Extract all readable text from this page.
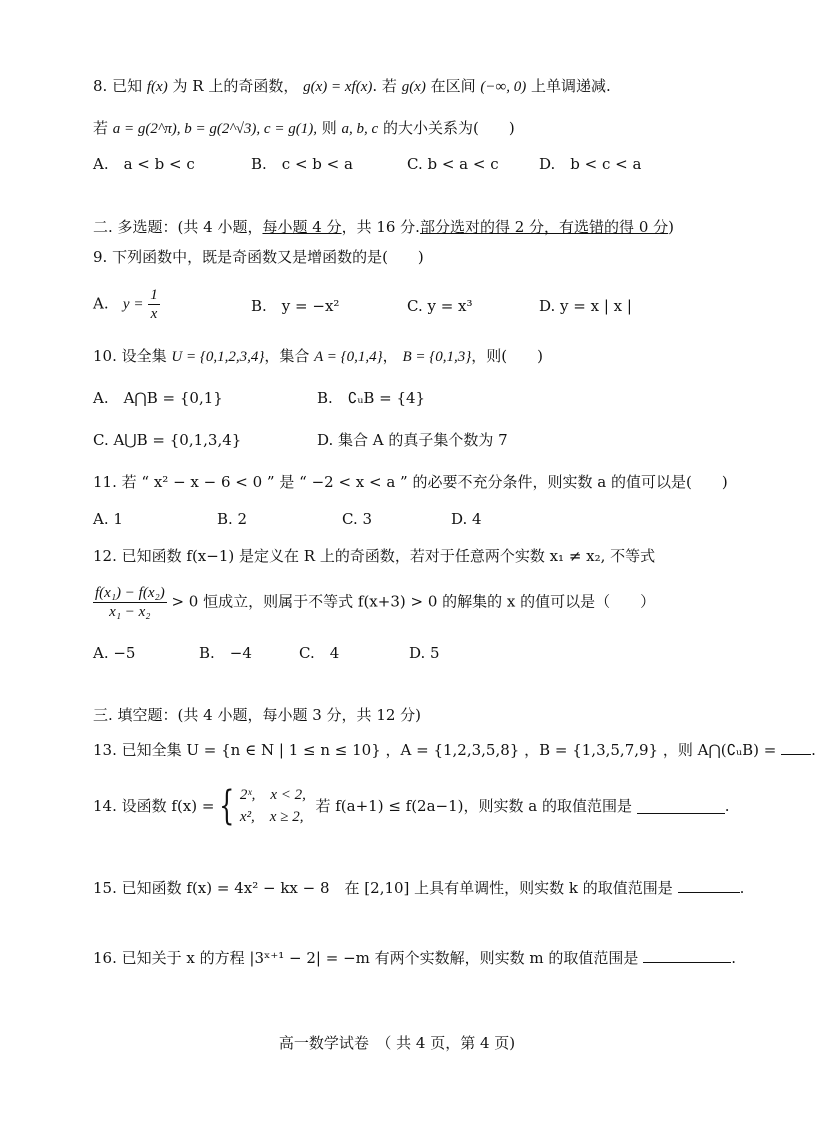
8. 已知 f(x) 为 R 上的奇函数， g(x) = xf(x). 若 g(x) 在区间 (−∞, 0) 上单调递减.
若 a = g(2^π), b = g(2^√3), c = g(1), 则 a, b, c 的大小关系为(　　)
A.　a < b < c	B.　c < b < a	C. b < a < c	D.　b < c < a
二. 多选题：(共 4 小题，每小题 4 分，共 16 分.部分选对的得 2 分，有选错的得 0 分)
9. 下列函数中，既是奇函数又是增函数的是(　　)
A. $y = \frac{1}{x}$	B.　y = −x²	C. y = x³	D. y = x | x |
10. 设全集 U = {0,1,2,3,4}，集合 A = {0,1,4}， B = {0,1,3}，则(　　)
A.　A⋂B = {0,1}	B.　∁ᵤB = {4}
C. A⋃B = {0,1,3,4}	D. 集合 A 的真子集个数为 7
11. 若 “ x² − x − 6 < 0 ” 是 “ −2 < x < a ” 的必要不充分条件，则实数 a 的值可以是(　　)
A. 1	B. 2	C. 3	D. 4
12. 已知函数 f(x−1) 是定义在 R 上的奇函数，若对于任意两个实数 x₁ ≠ x₂, 不等式
$\frac{\text{f(x₁) − f(x₂)}}{\text{x₁ − x₂}} > 0$ 恒成立，则属于不等式 f(x+3) > 0 的解集的 x 的值可以是（　　）
A. −5	B.　−4	C.　4	D. 5
三. 填空题：(共 4 小题，每小题 3 分，共 12 分)
13. 已知全集 U = {n ∈ N | 1 ≤ n ≤ 10} ，A = {1,2,3,5,8} ，B = {1,3,5,7,9} ，则 A⋂(∁ᵤB) = .
14. 设函数 f(x) = { 2ˣ,　x < 2,
x²,　x ≥ 2,
若 f(a+1) ≤ f(2a−1)，则实数 a 的取值范围是	.
15. 已知函数 f(x) = 4x² − kx − 8　在 [2,10] 上具有单调性，则实数 k 的取值范围是	.
16. 已知关于 x 的方程 |3ˣ⁺¹ − 2| = −m 有两个实数解，则实数 m 的取值范围是	.
高一数学试卷　（ 共 4 页，第 4 页)
